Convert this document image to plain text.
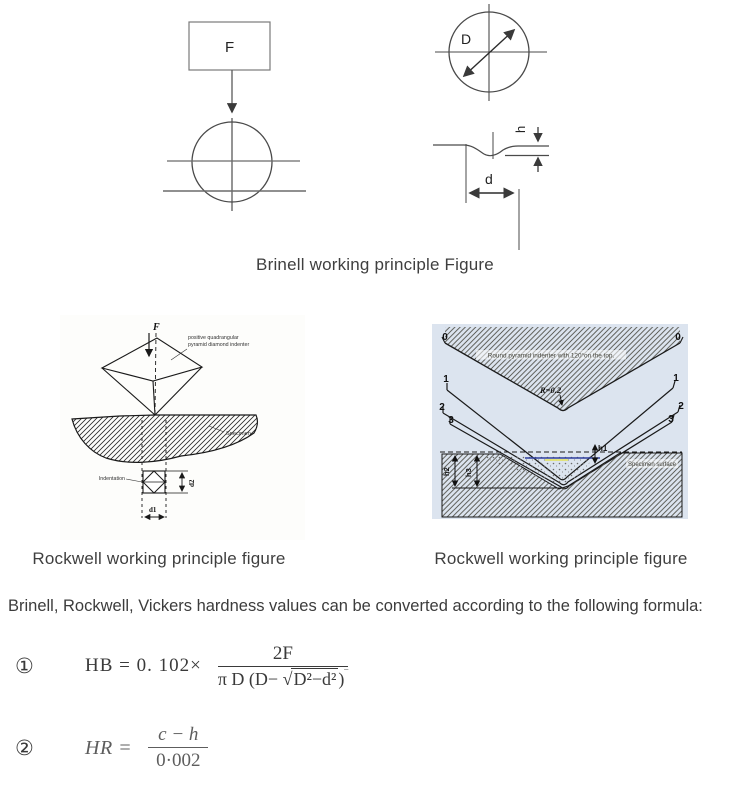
F	D
h
d
Brinell working principle Figure
F
positive quadrangular
pyramid diamond indenter
Specimen
d2
d1
Indentation
Round pyramid indenter with 120°on the top.
R=0.2
h1
h2 h3
Specimen surface
0
1
2
3
0
1
2
3
Rockwell working principle figure	Rockwell working principle figure
Brinell, Rockwell, Vickers hardness values can be converted according to the following formula:
①	HB = 0. $102\times \frac{2F}{\pi D (D- √D^2-d^2 )^‾}$
②	HR = $\frac{c - h}{0\cdot 002}$
